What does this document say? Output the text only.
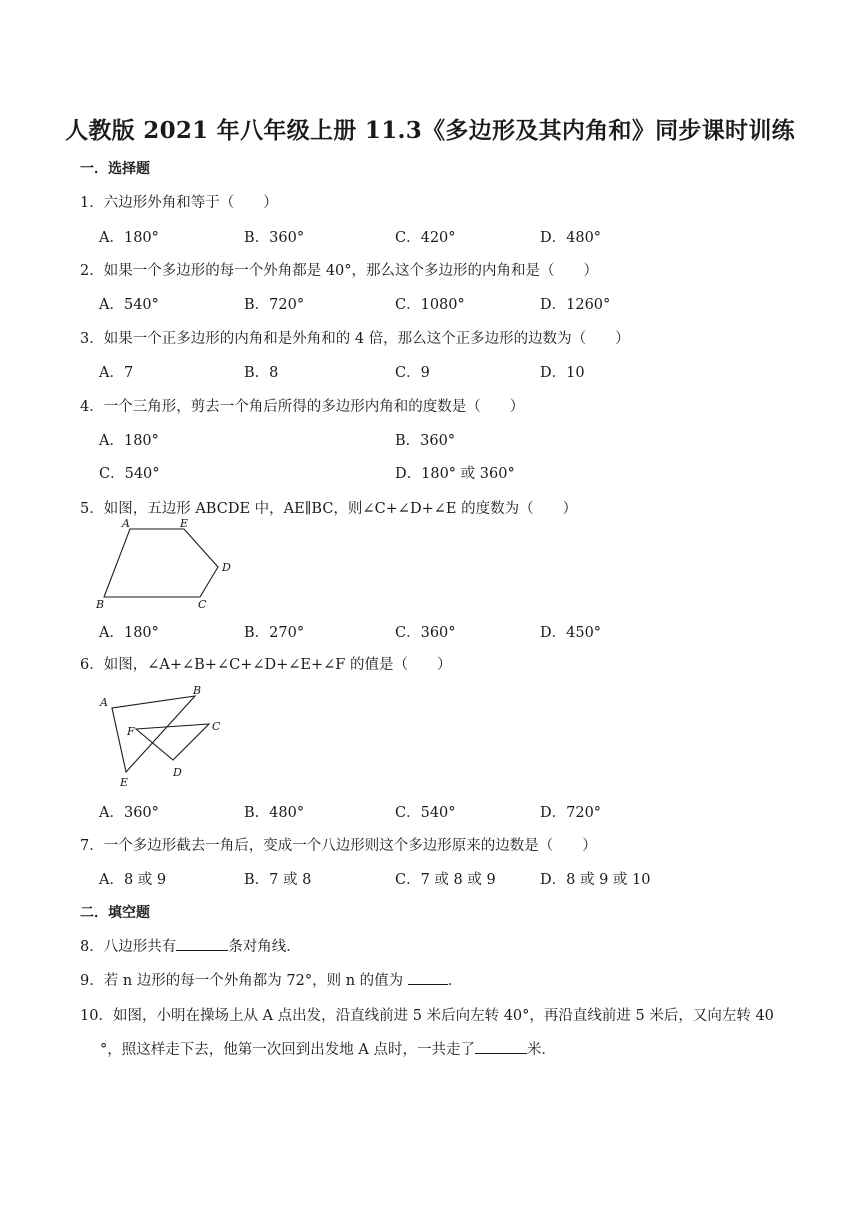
人教版 2021 年八年级上册 11.3《多边形及其内角和》同步课时训练
一．选择题
1．六边形外角和等于（　　）
A．180°	B．360°	C．420°	D．480°
2．如果一个多边形的每一个外角都是 40°，那么这个多边形的内角和是（　　）
A．540°	B．720°	C．1080°	D．1260°
3．如果一个正多边形的内角和是外角和的 4 倍，那么这个正多边形的边数为（　　）
A．7	B．8	C．9	D．10
4．一个三角形，剪去一个角后所得的多边形内角和的度数是（　　）
A．180°	B．360°
C．540°	D．180° 或 360°
5．如图，五边形 ABCDE 中，AE∥BC，则∠C+∠D+∠E 的度数为（　　）
A	E
D
B	C
A．180°	B．270°	C．360°	D．450°
6．如图，∠A+∠B+∠C+∠D+∠E+∠F 的值是（　　）
A
B
C
F
D
E
A．360°	B．480°	C．540°	D．720°
7．一个多边形截去一角后，变成一个八边形则这个多边形原来的边数是（　　）
A．8 或 9	B．7 或 8	C．7 或 8 或 9	D．8 或 9 或 10
二．填空题
8．八边形共有	条对角线．
9．若 n 边形的每一个外角都为 72°，则 n 的值为	．
10．如图，小明在操场上从 A 点出发，沿直线前进 5 米后向左转 40°，再沿直线前进 5 米后，又向左转 40
°，照这样走下去，他第一次回到出发地 A 点时，一共走了	米．
